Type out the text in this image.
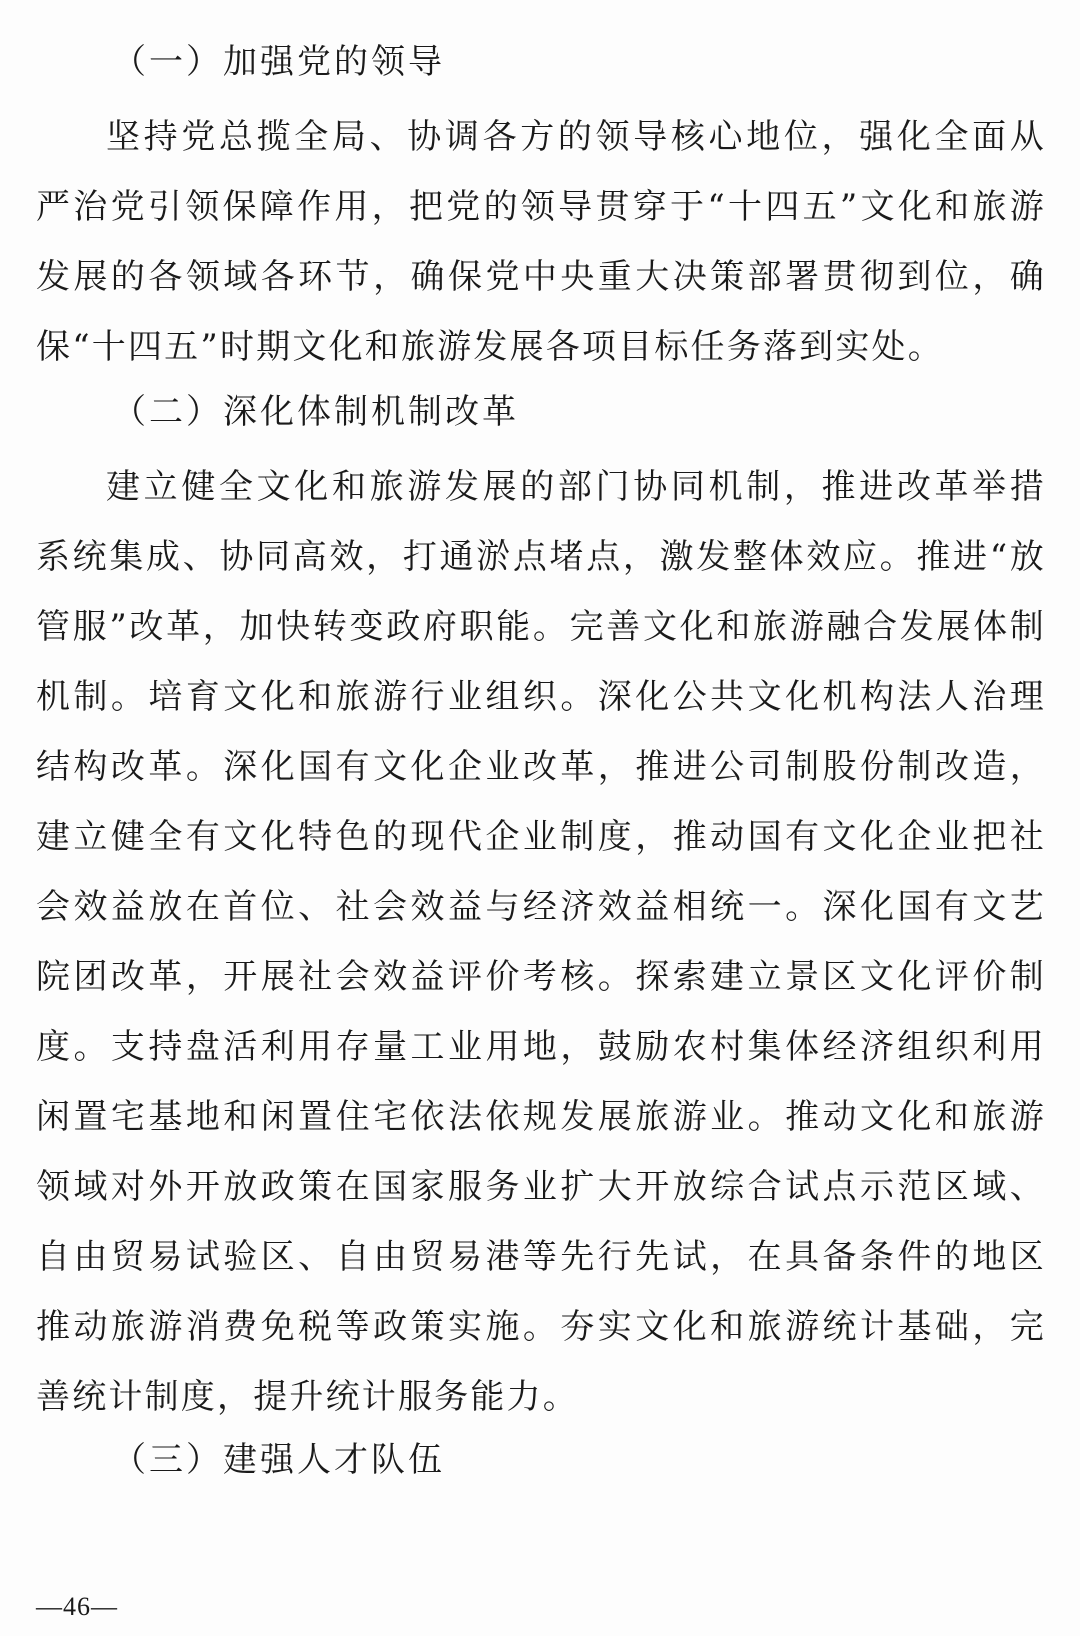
（一）加强党的领导
坚持党总揽全局、协调各方的领导核心地位，强化全面从严治党引领保障作用，把党的领导贯穿于“十四五”文化和旅游发展的各领域各环节，确保党中央重大决策部署贯彻到位，确保“十四五”时期文化和旅游发展各项目标任务落到实处。
（二）深化体制机制改革
建立健全文化和旅游发展的部门协同机制，推进改革举措系统集成、协同高效，打通淤点堵点，激发整体效应。推进“放管服”改革，加快转变政府职能。完善文化和旅游融合发展体制机制。培育文化和旅游行业组织。深化公共文化机构法人治理结构改革。深化国有文化企业改革，推进公司制股份制改造，建立健全有文化特色的现代企业制度，推动国有文化企业把社会效益放在首位、社会效益与经济效益相统一。深化国有文艺院团改革，开展社会效益评价考核。探索建立景区文化评价制度。支持盘活利用存量工业用地，鼓励农村集体经济组织利用闲置宅基地和闲置住宅依法依规发展旅游业。推动文化和旅游领域对外开放政策在国家服务业扩大开放综合试点示范区域、自由贸易试验区、自由贸易港等先行先试，在具备条件的地区推动旅游消费免税等政策实施。夯实文化和旅游统计基础，完善统计制度，提升统计服务能力。
（三）建强人才队伍
—46—
